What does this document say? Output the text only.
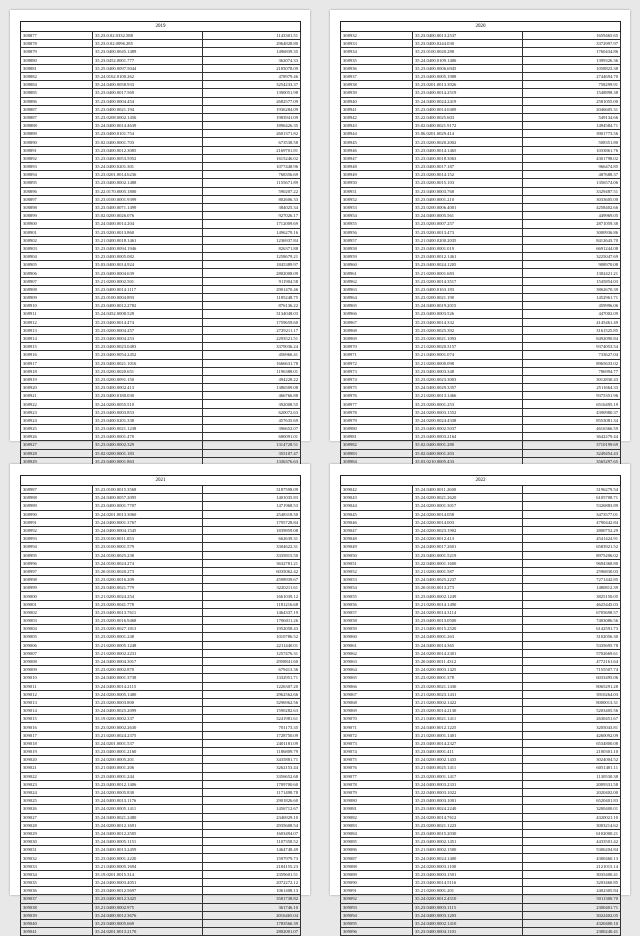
2019		
308877	35.23.0.02.0332.588	1143301.51
308878	35.23.0.02.0096.285	2964828.80
308879	35.23.0400.0045.1489	1496839.35
308880	35.23.0452.0001.777	362074.33
308881	35.25.0400.0097.5044	2185078.09
308882	35.24.0162.0100.262	478979.46
308884	35.24.0400.0058.933	3254233.37
308885	35.23.0400.0017.569	1390051.98
308886	35.23.0400.0004.454	2682577.09
308887	35.23.0400.0021.194	1936284.09
308887	35.23.0208.0002.1456	1983941.09
308888	35.24.0400.0014.4639	1896426.35
308889	35.23.0400.0101.754	2601371.82
308890	35.02.0400.0001.703	673538.58
308891	35.23.0400.0012.3085	2169701.81
308892	35.23.0400.0053.5952	1615246.02
308893	35.24.0400.0201.301	1077448.96
308894	35.23.0201.0014.6236	768356.69
308895	35.23.0400.0002.1488	1155671.89
308896	35.22.0170.0005.1800	590207.22
308897	35.23.0100.0001.9399	802606.33
308898	35.23.0400.0071.1499	384025.34
308899	35.02.0200.0026.076	927026.17
308900	35.24.0400.0014.204	1712009.69
308901	35.23.0200.0013.860	1496279.16
308902	35.21.0400.0018.1461	1236937.84
308903	35.23.0400.0094.1946	826371.88
308904	35.23.0400.0005.082	1258679.21
308905	35.03.0400.0014.924	1845389.97
308906	35.23.0400.0004.639	2802008.09
308907	35.21.0200.0002.501	911904.58
308908	35.23.0400.0014.1117	2901470.46
308909	35.23.0100.0004.893	1185248.75
308910	35.23.0400.0012.2782	876136.22
308911	35.24.0452.0008.528	3134048.03
308912	35.23.0400.0014.474	1759659.60
308913	35.23.0200.0004.257	2729211.17
308914	35.23.0400.0004.253	2293521.51
308915	35.23.0400.0023.0483	3379036.24
308916	35.23.0400.0054.2452	456966.41
308917	35.23.0400.0021.1016	1666631.78
308918	35.23.0200.0020.651	1196388.01
308919	35.23.0200.0091.150	494228.22
308920	35.23.0400.0002.413	1386509.08
308921	35.23.0400.0180.030	466766.88
308922	35.24.0200.0055.510	392008.55
308923	35.23.0400.0003.853	620072.63
308924	35.23.0400.0201.338	457635.69
308925	35.23.0400.0021.1238	396652.07
308926	35.23.0400.0001.470	680091.01
308927	35.23.0400.0002.329	1314728.51
308928	35.02.0200.0001.183	355107.47
308929	35.23.0400.0001.863	1336376.63

2020		
308932	35.23.0400.0013.2537	1659465.65
308933	35.23.0400.0244.030	3372997.97
308934	35.23.0100.0020.288	1760434.86
308935	35.24.0400.0109.1406	1399326.36
308936	35.23.0400.0006.6945	1058823.38
308937	35.23.0400.0005.1988	2744694.70
308938	35.23.0201.0013.3926	758299.91
308939	35.23.0400.0014.2519	1548898.38
308940	35.24.0400.0024.2419	2581055.00
308941	35.23.0400.0014.0409	2046605.31
308942	35.22.0400.0025.603	549134.66
308943	35.02.0400.0021.9172	1494584.71
308944	35.06.0201.0029.414	3901773.56
308945	35.23.0200.0020.2002	508351.80
308946	35.23.0400.0014.1465	1033861.76
308947	35.23.0400.0018.3063	4301798.02
308948	35.23.0400.0017.187	966474.85
308949	35.23.0200.0014.152	487688.37
308950	35.23.0200.0015.103	1356574.06
308951	35.23.0400.0003.768	3329487.51
308952	35.23.0400.0001.210	3033605.00
308953	35.23.0200.0006.4001	4258402.66
308954	35.24.0400.0005.561	449969.05
308955	35.23.0200.0007.257	2871059.38
308956	35.23.0200.0013.473	3000936.86
308957	35.21.0400.0200.2035	8412643.70
308958	35.23.0400.0001.019	6691244.08
308959	35.23.0400.0012.1461	3225047.69
308960	35.23.0400.0024.1205	908970.08
308961	35.21.0200.0001.683	1302421.21
308962	35.23.0200.0014.3517	1545854.03
308963	35.23.0400.0163.183	3862670.39
308964	35.23.0200.0021.190	1452961.71
308965	35.24.0400.0019.2015	459996.06
308966	35.23.0400.0003.526	447002.09
308967	35.23.0400.0014.332	4145461.49
308968	35.23.0200.0025.392	3161525.85
308969	35.23.0200.0021.1093	8492090.84
308970	35.21.0200.0020.3157	9374053.54
308971	35.21.0400.0001.074	733627.04
308972	35.21.0200.0000.098	8965633.02
308973	35.23.0400.0003.348	786994.77
308974	35.23.0200.0023.3003	3012830.43
308975	35.24.0400.0029.3357	2511664.33
308976	35.21.0200.0013.1466	9375351.96
308977	35.23.0200.0001.253	6516495.19
308978	35.24.0200.0003.1552	4390980.37
308979	35.24.0200.0024.4338	8553081.34
308980	35.23.0400.0002.5037	4616366.59
308981	35.23.0400.0003.2164	3642279.44
308982	35.02.0400.0001.280	3710199.69
308983	35.02.0400.0001.203	3249454.43
308984	35.03.0210.0005.433	3565297.65

2021		
308987	35.23.0100.0015.3568	3187598.09
308988	35.24.0400.0057.2095	1401035.83
308989	35.23.0400.0001.7707	1471968.53
308990	35.24.0201.0013.3060	2548318.50
308991	35.24.0400.0001.3767	1795728.84
308992	35.24.0400.0004.1545	1839859.08
308993	35.23.0100.0011.053	662639.31
308994	35.23.0100.0001.579	3304622.31
308995	35.24.0100.0025.238	3335815.50
308996	35.24.0100.0024.274	3632781.21
308997	35.20.0100.0020.273	6035062.42
308998	35.23.0200.0016.209	4598939.67
308999	35.23.0400.0021.779	3220211.61
309000	35.21.0200.0024.254	1661039.12
309001	35.23.0200.0041.778	1181216.68
309002	35.23.0400.0013.7611	1464337.19
309003	35.23.0200.0016.9468	1706011.26
309004	35.23.0200.0027.1813	1952058.43
309005	35.23.0200.0001.248	1010786.52
309006	35.21.0200.0005.1248	2211440.01
309007	35.21.0200.0002.2231	1257476.31
309008	35.24.0400.0004.3017	2958841.60
309009	35.23.0200.0002.870	679413.36
309010	35.24.0400.0001.3738	1332951.71
309011	35.24.0400.0014.2115	1226307.20
309012	35.24.0200.0005.1480	2962562.66
309013	35.23.0200.0003.800	3296962.56
309014	35.24.0400.0025.2099	1590282.63
309015	35.19.0200.0002.337	3241981.61
309016	35.23.0200.0002.2630	701173.35
309017	35.21.0200.0024.2375	1728750.09
309018	35.24.0201.0001.537	2401181.09
309019	35.23.0400.0001.2160	1186809.79
309020	35.24.0200.0005.201	3435881.71
309021	35.21.0400.0001.206	3262153.44
309022	35.23.0400.0001.244	3356652.68
309023	35.23.0400.0012.1406	1709700.60
309024	35.24.0200.0005.830	1171498.78
309025	35.24.0400.0013.1176	2901826.60
309026	35.24.0200.0005.1411	1456712.67
309027	35.24.0400.0021.2480	2346929.10
309028	35.24.0200.0012.1691	2935608.54
309029	35.24.0400.0012.2505	1603494.07
309030	35.24.0400.0005.1151	1107358.52
309031	35.24.0400.0013.2459	1464748.49
309032	35.23.0400.0001.2220	1597979.73
309033	35.21.0400.0005.1694	2184155.23
309034	35.19.0201.0015.314	2359601.51
309035	35.24.0400.0003.4051	2072272.12
309036	35.23.0400.0012.5697	1061408.13
309037	35.23.0400.0012.3425	3581738.82
309038	35.21.0400.0002.975	361746.10
309039	35.24.0400.0012.3676	2016465.04
309040	35.23.0400.0005.669	1783566.39
309041	35.24.0201.0013.2170	2802001.07
2022		
309042	35.24.0400.0011.2600	3196279.54
309043	35.24.0200.0021.2620	6105708.71
309044	35.24.0200.0001.3017	5326883.89
309045	35.24.0200.0014.058	3473577.01
309046	35.24.0200.0014.003	4790442.84
309047	35.24.0200.0023.1902	2800752.29
309048	35.24.0200.0012.413	4541424.91
309049	35.24.0400.0017.2601	6583921.52
309050	35.23.0400.0001.5219	8975206.02
309051	35.22.0400.0001.1600	9694368.80
309052	35.21.0200.0001.587	2596830.03
309053	35.24.0400.0025.2237	7271442.85
309054	35.20.0100.0013.273	1480812.39
309055	35.23.0400.0002.1249	3825150.05
309056	35.21.0200.0014.1490	4625445.03
309057	35.24.0200.0014.3114	6705698.57
309058	35.23.0400.0013.0500	7403086.56
309059	35.21.0400.0015.2520	6142591.73
309060	35.24.0400.0001.263	3102056.30
309061	35.24.0400.0014.365	5335695.78
309062	35.24.0200.0014.2301	5702669.61
309063	35.20.0400.0011.4312	4772161.64
309064	35.24.0200.0003.1425	7155507.74
309065	35.23.0200.0001.378	6033495.06
309066	35.23.0200.0021.1430	8065291.28
309067	35.21.0200.0023.1431	3910264.03
309068	35.21.0200.0002.1422	8000013.31
309069	35.23.0200.0014.2130	5203405.56
309070	35.21.0400.0021.1411	2630451.67
309071	35.24.0400.0012.1225	3205043.81
309072	35.21.0200.0001.1401	4260092.09
309073	35.23.0400.0014.2327	6534800.08
309074	35.23.0400.0001.411	2100301.10
309075	35.24.0200.0002.1433	3024004.52
309076	35.21.0400.0025.1411	6051401.11
309077	35.23.0200.0001.1417	1130530.38
309078	35.24.0400.0003.2331	2009331.58
309079	35.22.0400.0003.1022	2020402.00
309080	35.23.0400.0003.1001	6520401.83
309081	35.23.0400.0024.2240	3200400.01
309082	35.24.0200.0014.7612	4320021.10
309083	35.23.0200.0021.1223	3003214.62
309084	35.23.0400.0015.2030	6102000.21
309085	35.23.0400.0002.1451	4433501.42
309086	35.21.0400.0002.1500	5306204.84
309087	35.24.0400.0024.1400	4300460.13
309088	35.24.0200.0003.1100	2121015.14
309089	35.23.0400.0003.1501	3035400.41
309090	35.23.0400.0014.5116	3203460.85
309091	35.21.0200.0001.201	2402305.84
309092	35.24.0200.0012.4510	5011300.70
309093	35.23.0400.0003.1115	2300401.71
309094	35.24.0400.0003.1203	3022402.05
309095	35.24.0400.0002.1410	4320400.10
309096	35.23.0400.0004.1101	2300240.41
